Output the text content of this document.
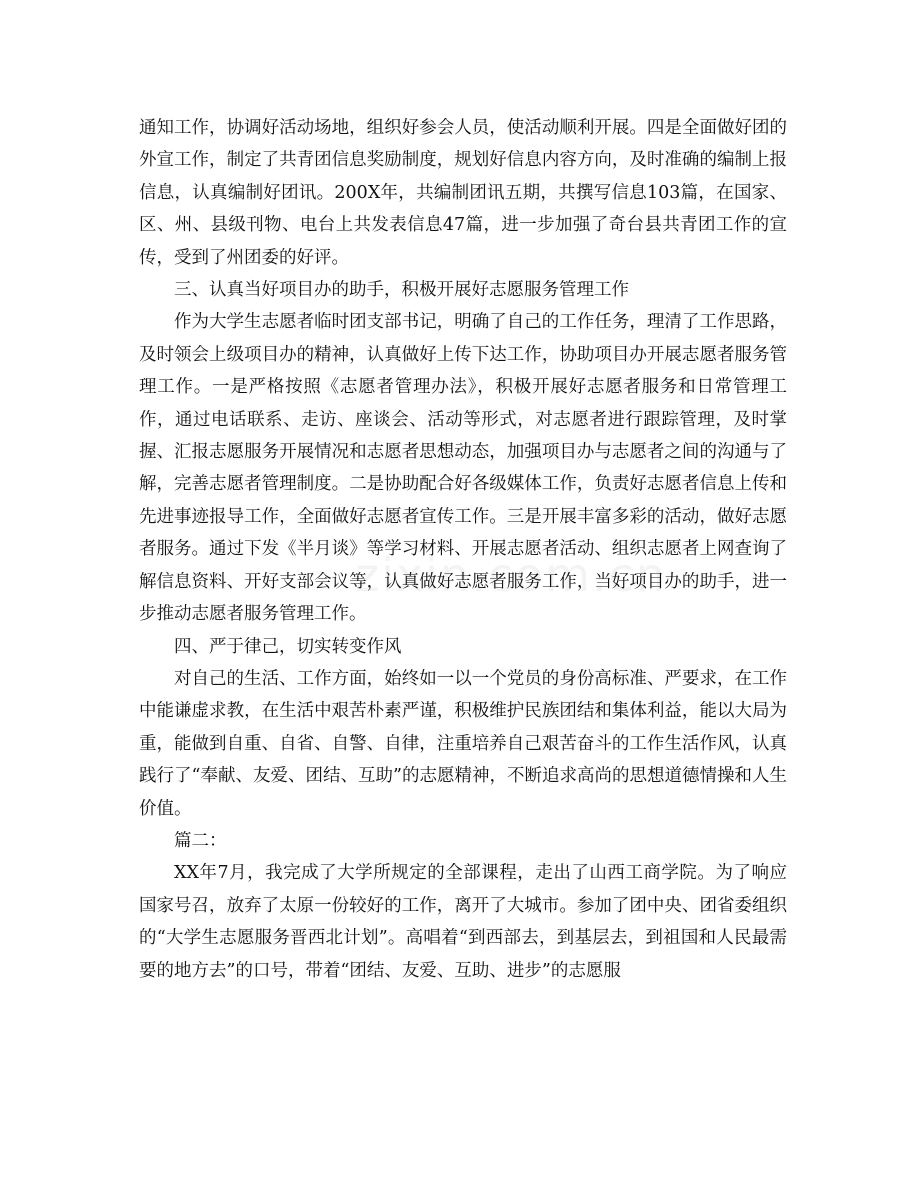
通知工作，协调好活动场地，组织好参会人员，使活动顺利开展。四是全面做好团的外宣工作，制定了共青团信息奖励制度，规划好信息内容方向，及时准确的编制上报信息，认真编制好团讯。200X年，共编制团讯五期，共撰写信息103篇，在国家、区、州、县级刊物、电台上共发表信息47篇，进一步加强了奇台县共青团工作的宣传，受到了州团委的好评。

三、认真当好项目办的助手，积极开展好志愿服务管理工作

作为大学生志愿者临时团支部书记，明确了自己的工作任务，理清了工作思路，及时领会上级项目办的精神，认真做好上传下达工作，协助项目办开展志愿者服务管理工作。一是严格按照《志愿者管理办法》，积极开展好志愿者服务和日常管理工作，通过电话联系、走访、座谈会、活动等形式，对志愿者进行跟踪管理，及时掌握、汇报志愿服务开展情况和志愿者思想动态，加强项目办与志愿者之间的沟通与了解，完善志愿者管理制度。二是协助配合好各级媒体工作，负责好志愿者信息上传和先进事迹报导工作，全面做好志愿者宣传工作。三是开展丰富多彩的活动，做好志愿者服务。通过下发《半月谈》等学习材料、开展志愿者活动、组织志愿者上网查询了解信息资料、开好支部会议等，认真做好志愿者服务工作，当好项目办的助手，进一步推动志愿者服务管理工作。

四、严于律己，切实转变作风

对自己的生活、工作方面，始终如一以一个党员的身份高标准、严要求，在工作中能谦虚求教，在生活中艰苦朴素严谨，积极维护民族团结和集体利益，能以大局为重，能做到自重、自省、自警、自律，注重培养自己艰苦奋斗的工作生活作风，认真践行了“奉献、友爱、团结、互助”的志愿精神，不断追求高尚的思想道德情操和人生价值。

篇二：

XX年7月，我完成了大学所规定的全部课程，走出了山西工商学院。为了响应国家号召，放弃了太原一份较好的工作，离开了大城市。参加了团中央、团省委组织的“大学生志愿服务晋西北计划”。高唱着“到西部去，到基层去，到祖国和人民最需要的地方去”的口号，带着“团结、友爱、互助、进步”的志愿服
